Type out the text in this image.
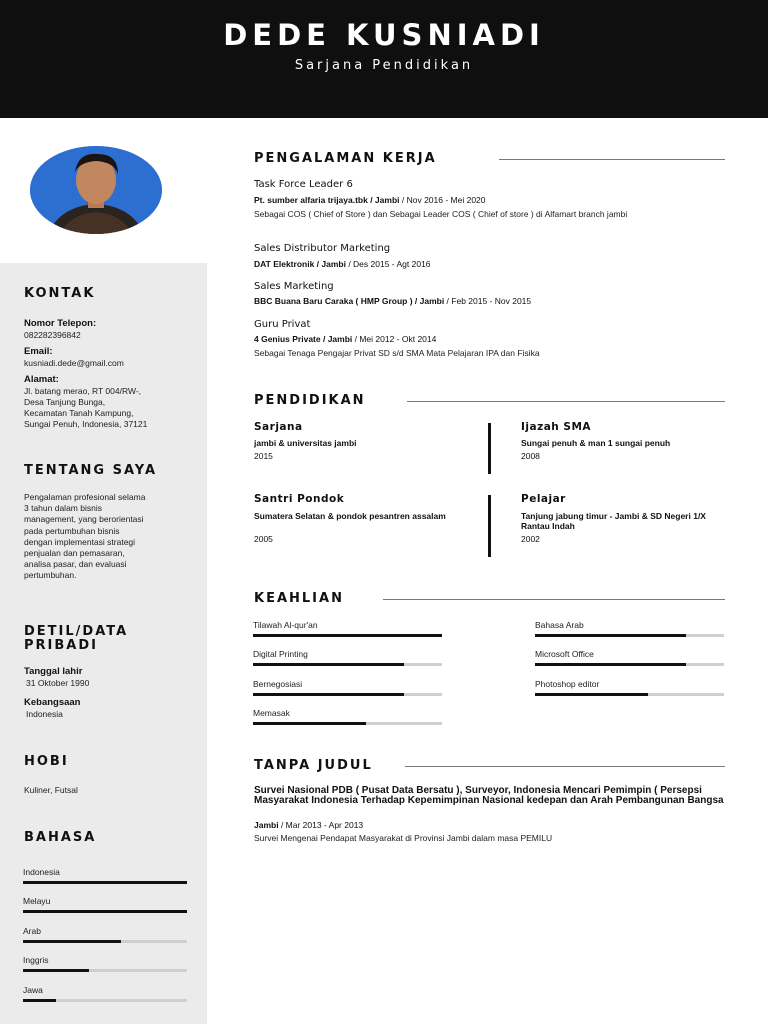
DEDE KUSNIADI
Sarjana Pendidikan
KONTAK
Nomor Telepon:
082282396842
Email:
kusniadi.dede@gmail.com
Alamat:
Jl. batang merao, RT 004/RW-,
Desa Tanjung Bunga,
Kecamatan Tanah Kampung,
Sungai Penuh, Indonesia, 37121
TENTANG SAYA
Pengalaman profesional selama
3 tahun dalam bisnis
management, yang berorientasi
pada pertumbuhan bisnis
dengan implementasi strategi
penjualan dan pemasaran,
analisa pasar, dan evaluasi
pertumbuhan.
DETIL/DATA
PRIBADI
Tanggal lahir
31 Oktober 1990
Kebangsaan
Indonesia
HOBI
Kuliner, Futsal
BAHASA
Indonesia
Melayu
Arab
Inggris
Jawa
PENGALAMAN KERJA
Task Force Leader 6
Pt. sumber alfaria trijaya.tbk / Jambi / Nov 2016 - Mei 2020
Sebagai COS ( Chief of Store ) dan Sebagai Leader COS ( Chief of store ) di Alfamart branch jambi
Sales Distributor Marketing
DAT Elektronik / Jambi / Des 2015 - Agt 2016
Sales Marketing
BBC Buana Baru Caraka ( HMP Group ) / Jambi / Feb 2015 - Nov 2015
Guru Privat
4 Genius Private / Jambi / Mei 2012 - Okt 2014
Sebagai Tenaga Pengajar Privat SD s/d SMA Mata Pelajaran IPA dan Fisika
PENDIDIKAN
Sarjana
jambi & universitas jambi
2015
Ijazah SMA
Sungai penuh & man 1 sungai penuh
2008
Santri Pondok
Sumatera Selatan & pondok pesantren assalam
2005
Pelajar
Tanjung jabung timur - Jambi & SD Negeri 1/X Rantau Indah
2002
KEAHLIAN
Tilawah Al-qur'an	Bahasa Arab
Digital Printing	Microsoft Office
Bernegosiasi	Photoshop editor
Memasak
TANPA JUDUL
Survei Nasional PDB ( Pusat Data Bersatu ), Surveyor, Indonesia Mencari Pemimpin ( Persepsi Masyarakat Indonesia Terhadap Kepemimpinan Nasional kedepan dan Arah Pembangunan Bangsa
Jambi / Mar 2013 - Apr 2013
Survei Mengenai Pendapat Masyarakat di Provinsi Jambi dalam masa PEMILU
